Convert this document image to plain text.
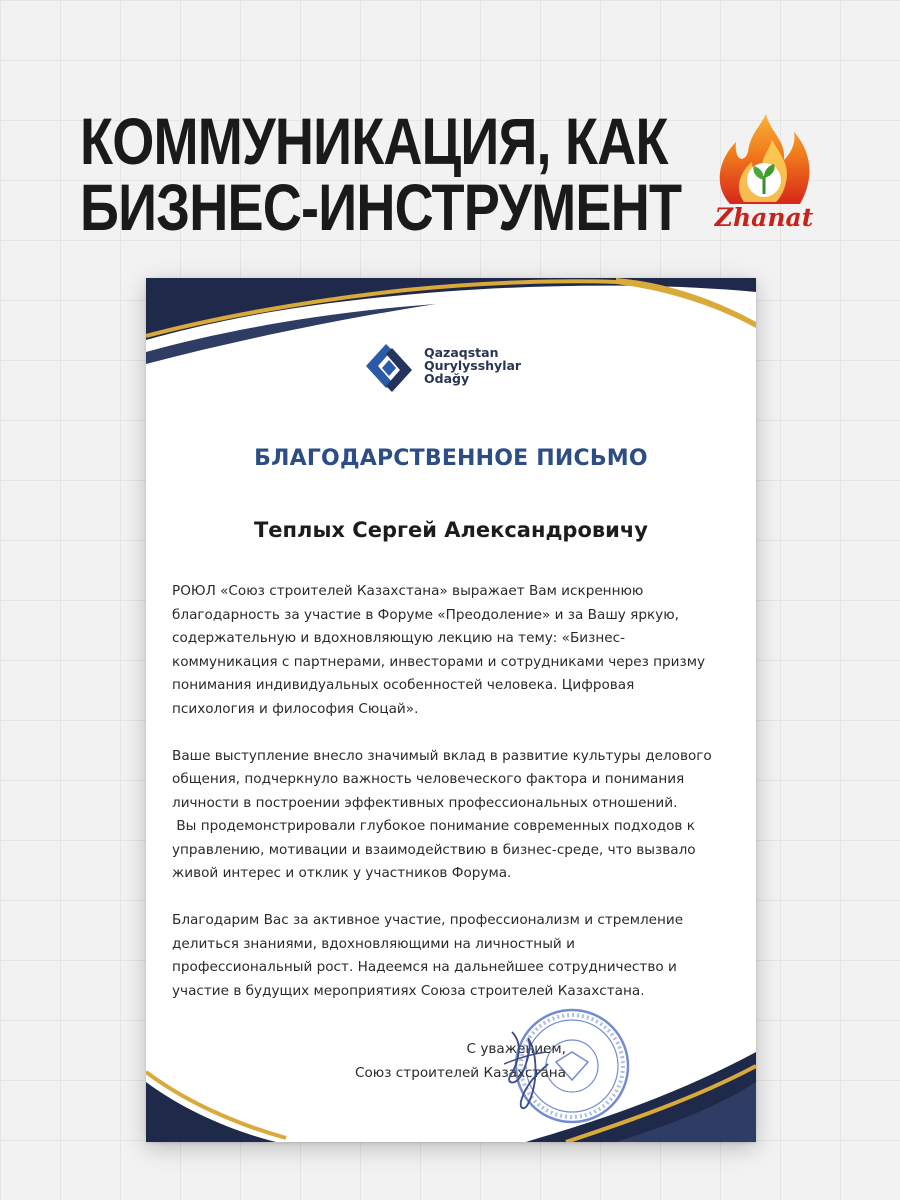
КОММУНИКАЦИЯ, КАК
БИЗНЕС-ИНСТРУМЕНТ Zhanat
Qazaqstan
Qurylysshylar
Odağy
БЛАГОДАРСТВЕННОЕ ПИСЬМО
Теплых Сергей Александровичу

РОЮЛ «Союз строителей Казахстана» выражает Вам искреннюю
благодарность за участие в Форуме «Преодоление» и за Вашу яркую,
содержательную и вдохновляющую лекцию на тему: «Бизнес-
коммуникация с партнерами, инвесторами и сотрудниками через призму
понимания индивидуальных особенностей человека. Цифровая
психология и философия Сюцай».

Ваше выступление внесло значимый вклад в развитие культуры делового
общения, подчеркнуло важность человеческого фактора и понимания
личности в построении эффективных профессиональных отношений.
Вы продемонстрировали глубокое понимание современных подходов к
управлению, мотивации и взаимодействию в бизнес-среде, что вызвало
живой интерес и отклик у участников Форума.

Благодарим Вас за активное участие, профессионализм и стремление
делиться знаниями, вдохновляющими на личностный и
профессиональный рост. Надеемся на дальнейшее сотрудничество и
участие в будущих мероприятиях Союза строителей Казахстана.

С уважением,
Союз строителей Казахстана
